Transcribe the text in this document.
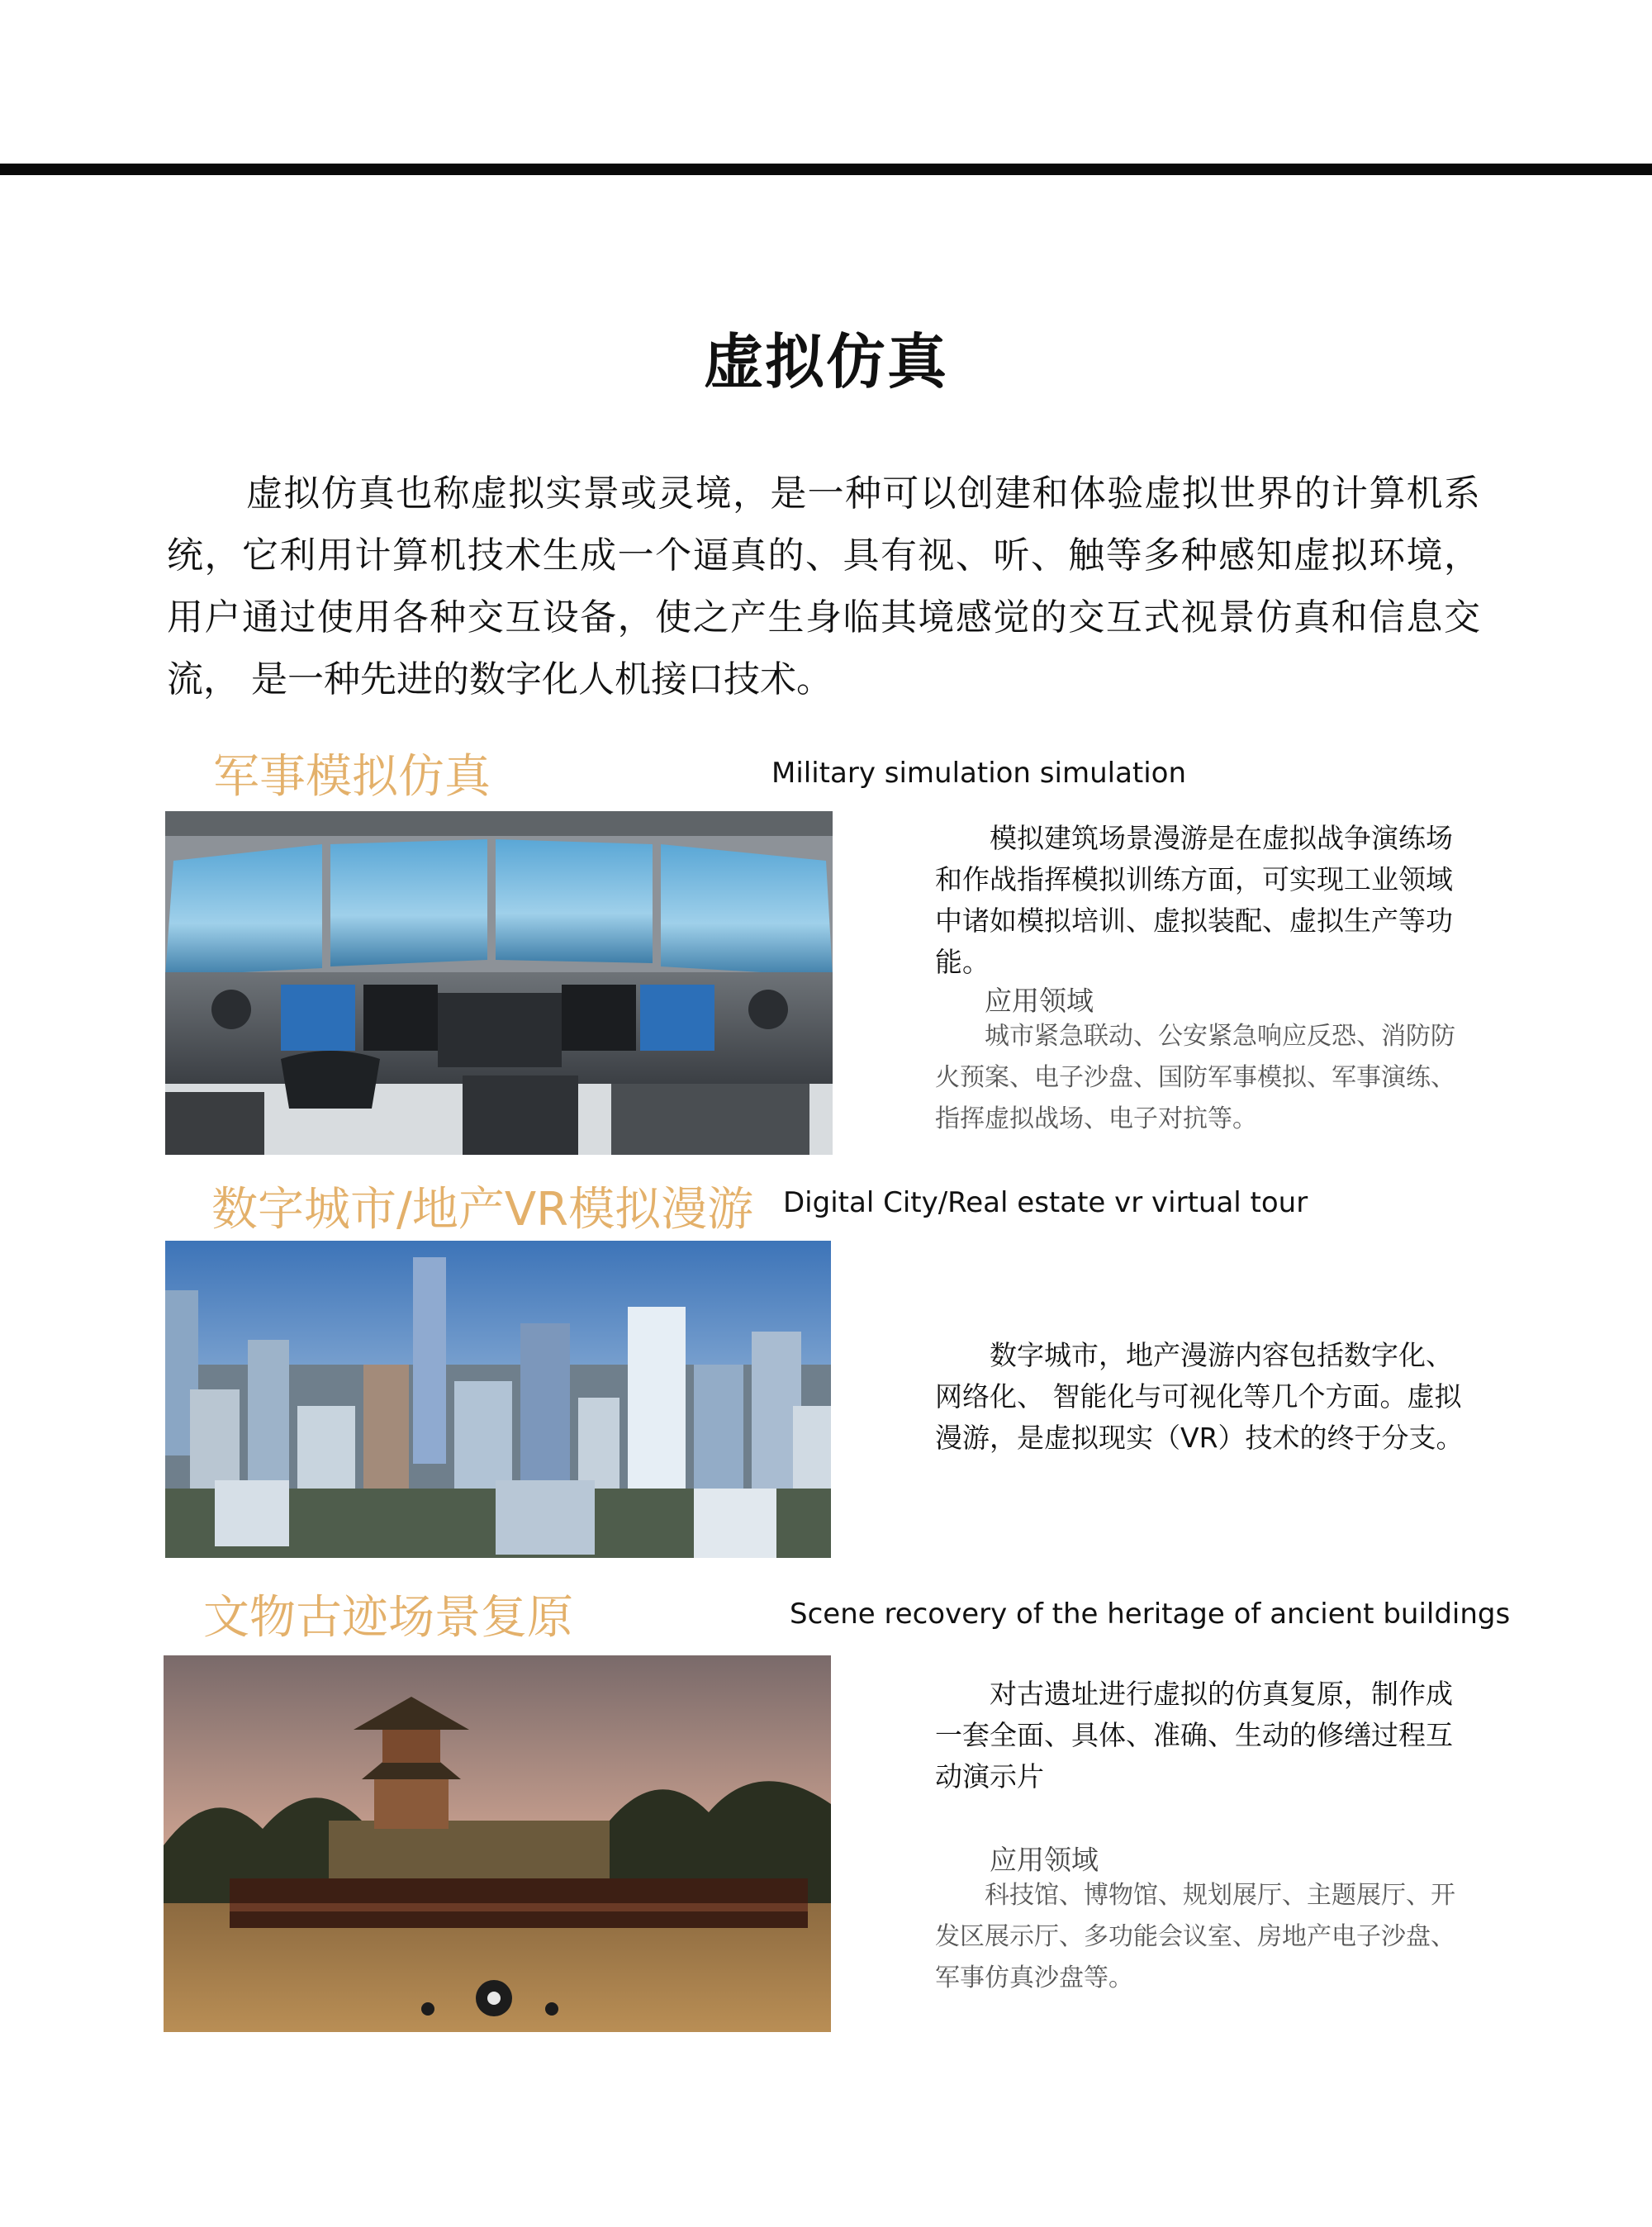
虚拟仿真
虚拟仿真也称虚拟实景或灵境，是一种可以创建和体验虚拟世界的计算机系统，它利用计算机技术生成一个逼真的、具有视、听、触等多种感知虚拟环境， 用户通过使用各种交互设备，使之产生身临其境感觉的交互式视景仿真和信息交流， 是一种先进的数字化人机接口技术。
军事模拟仿真	Military simulation simulation
模拟建筑场景漫游是在虚拟战争演练场和作战指挥模拟训练方面，可实现工业领域中诸如模拟培训、虚拟装配、虚拟生产等功能。
应用领域
城市紧急联动、公安紧急响应反恐、消防防火预案、电子沙盘、国防军事模拟、军事演练、指挥虚拟战场、电子对抗等。
数字城市/地产VR模拟漫游 Digital City/Real estate vr virtual tour
数字城市，地产漫游内容包括数字化、网络化、 智能化与可视化等几个方面。虚拟漫游，是虚拟现实（VR）技术的终于分支。
文物古迹场景复原	Scene recovery of the heritage of ancient buildings
对古遗址进行虚拟的仿真复原，制作成一套全面、具体、准确、生动的修缮过程互动演示片
应用领域
科技馆、博物馆、规划展厅、主题展厅、开发区展示厅、多功能会议室、房地产电子沙盘、 军事仿真沙盘等。
